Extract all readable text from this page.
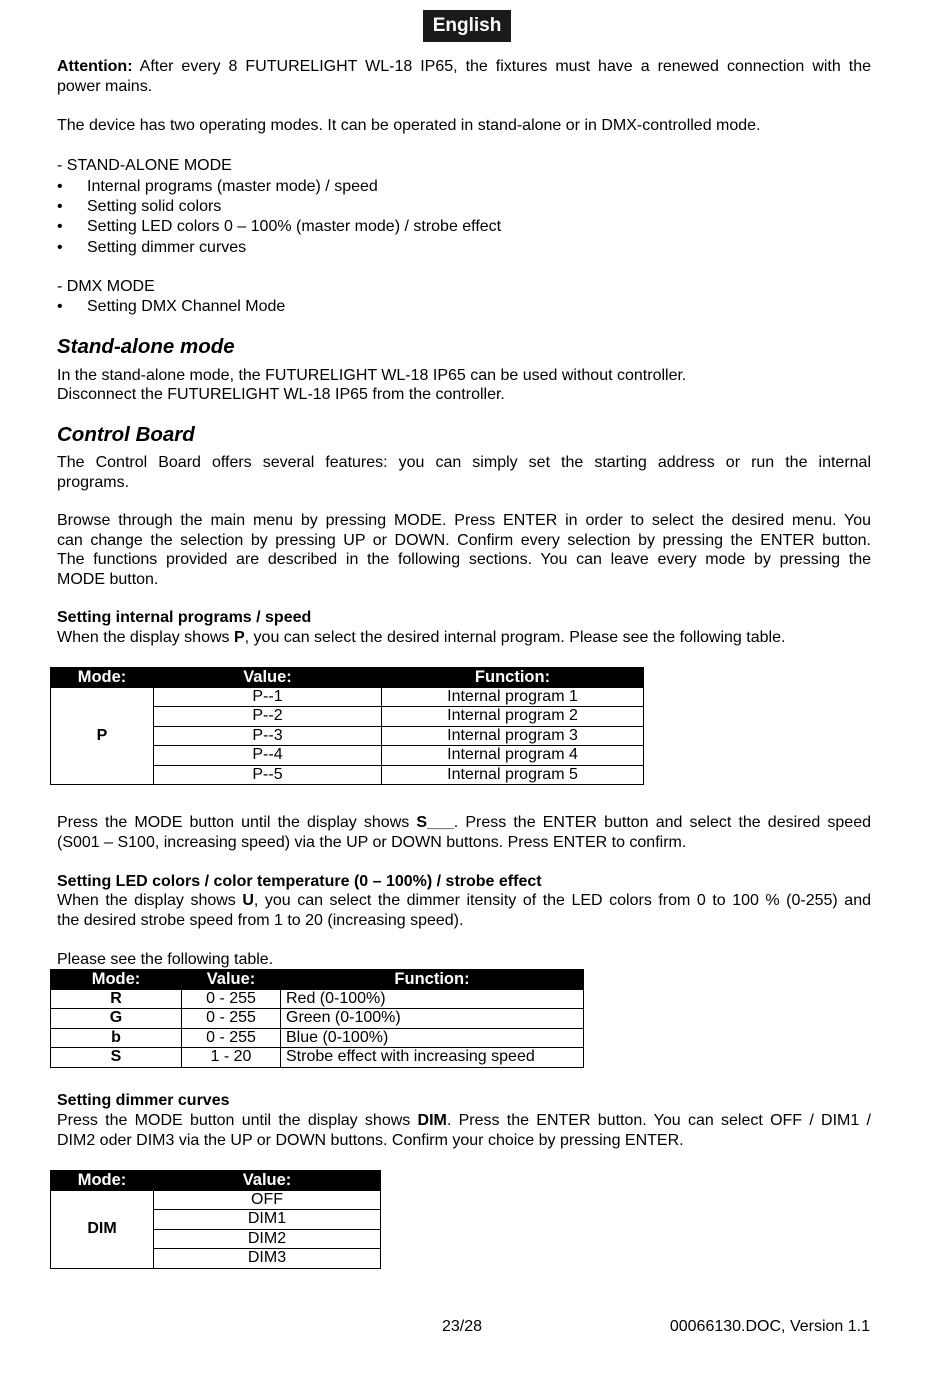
English
Attention: After every 8 FUTURELIGHT WL-18 IP65, the fixtures must have a renewed connection with the
power mains.
The device has two operating modes. It can be operated in stand-alone or in DMX-controlled mode.
- STAND-ALONE MODE
•	Internal programs (master mode) / speed
•	Setting solid colors
•	Setting LED colors 0 – 100% (master mode) / strobe effect
•	Setting dimmer curves
- DMX MODE
•	Setting DMX Channel Mode
Stand-alone mode
In the stand-alone mode, the FUTURELIGHT WL-18 IP65 can be used without controller.
Disconnect the FUTURELIGHT WL-18 IP65 from the controller.
Control Board
The Control Board offers several features: you can simply set the starting address or run the internal
programs.
Browse through the main menu by pressing MODE. Press ENTER in order to select the desired menu. You
can change the selection by pressing UP or DOWN. Confirm every selection by pressing the ENTER button.
The functions provided are described in the following sections. You can leave every mode by pressing the
MODE button.
Setting internal programs / speed
When the display shows P, you can select the desired internal program. Please see the following table.
Mode:	Value:	Function:
P	P--1	Internal program 1
	P--2	Internal program 2
	P--3	Internal program 3
	P--4	Internal program 4
	P--5	Internal program 5
Press the MODE button until the display shows S___. Press the ENTER button and select the desired speed
(S001 – S100, increasing speed) via the UP or DOWN buttons. Press ENTER to confirm.
Setting LED colors / color temperature (0 – 100%) / strobe effect
When the display shows U, you can select the dimmer itensity of the LED colors from 0 to 100 % (0-255) and
the desired strobe speed from 1 to 20 (increasing speed).
Please see the following table.
Mode:	Value:	Function:
R	0 - 255	Red (0-100%)
G	0 - 255	Green (0-100%)
b	0 - 255	Blue (0-100%)
S	1 - 20	Strobe effect with increasing speed
Setting dimmer curves
Press the MODE button until the display shows DIM. Press the ENTER button. You can select OFF / DIM1 /
DIM2 oder DIM3 via the UP or DOWN buttons. Confirm your choice by pressing ENTER.
Mode:	Value:
DIM	OFF
	DIM1
	DIM2
	DIM3
23/28	00066130.DOC, Version 1.1
